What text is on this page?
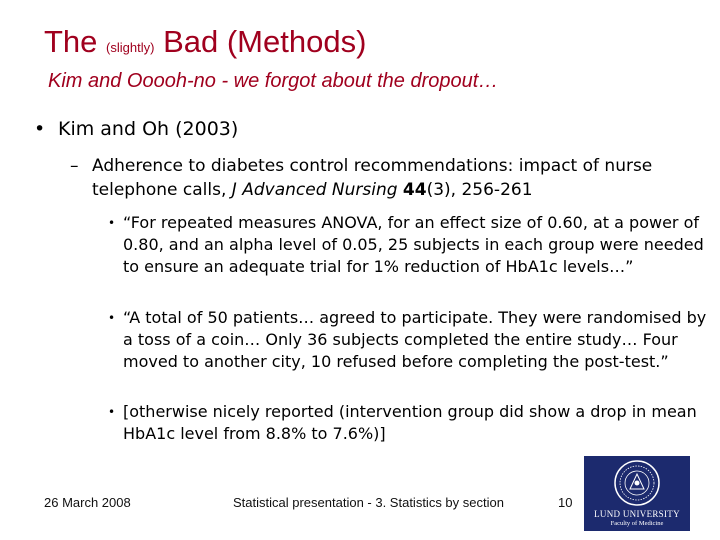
The (slightly) Bad (Methods)
Kim and Ooooh-no - we forgot about the dropout…
• Kim and Oh (2003)
– Adherence to diabetes control recommendations: impact of nurse telephone calls, J Advanced Nursing 44(3), 256-261
• “For repeated measures ANOVA, for an effect size of 0.60, at a power of 0.80, and an alpha level of 0.05, 25 subjects in each group were needed to ensure an adequate trial for 1% reduction of HbA1c levels…”
• “A total of 50 patients… agreed to participate. They were randomised by a toss of a coin… Only 36 subjects completed the entire study… Four moved to another city, 10 refused before completing the post-test.”
• [otherwise nicely reported (intervention group did show a drop in mean HbA1c level from 8.8% to 7.6%)]
26 March 2008	Statistical presentation - 3. Statistics by section	10
LUND UNIVERSITY
Faculty of Medicine
